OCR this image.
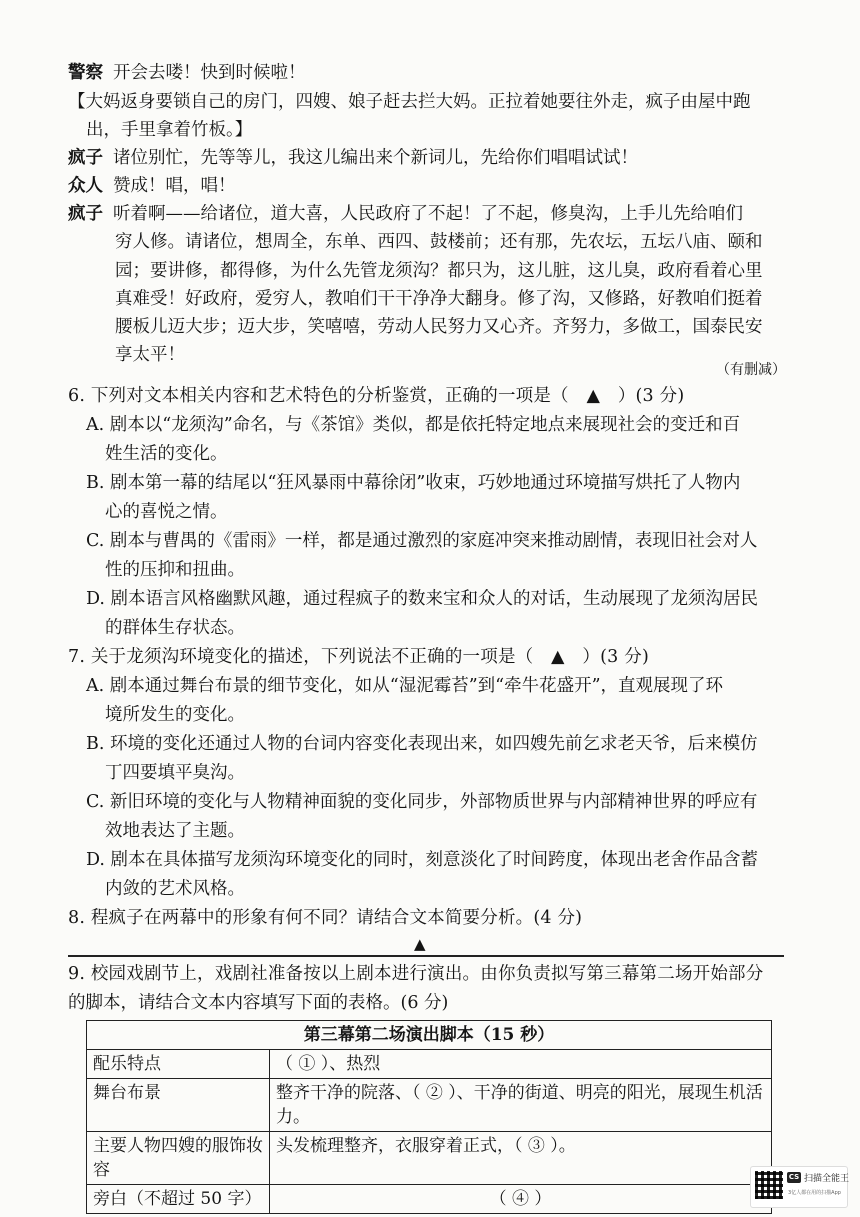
警察 开会去喽！快到时候啦！
【大妈返身要锁自己的房门，四嫂、娘子赶去拦大妈。正拉着她要往外走，疯子由屋中跑
出，手里拿着竹板。】
疯子 诸位别忙，先等等儿，我这儿编出来个新词儿，先给你们唱唱试试！
众人 赞成！唱，唱！
疯子 听着啊——给诸位，道大喜，人民政府了不起！了不起，修臭沟，上手儿先给咱们
穷人修。请诸位，想周全，东单、西四、鼓楼前；还有那，先农坛，五坛八庙、颐和
园；要讲修，都得修，为什么先管龙须沟？都只为，这儿脏，这儿臭，政府看着心里
真难受！好政府，爱穷人，教咱们干干净净大翻身。修了沟，又修路，好教咱们挺着
腰板儿迈大步；迈大步，笑嘻嘻，劳动人民努力又心齐。齐努力，多做工，国泰民安
享太平！
（有删减）
6. 下列对文本相关内容和艺术特色的分析鉴赏，正确的一项是（　▲　）(3 分)
A. 剧本以“龙须沟”命名，与《茶馆》类似，都是依托特定地点来展现社会的变迁和百
姓生活的变化。
B. 剧本第一幕的结尾以“狂风暴雨中幕徐闭”收束，巧妙地通过环境描写烘托了人物内
心的喜悦之情。
C. 剧本与曹禺的《雷雨》一样，都是通过激烈的家庭冲突来推动剧情，表现旧社会对人
性的压抑和扭曲。
D. 剧本语言风格幽默风趣，通过程疯子的数来宝和众人的对话，生动展现了龙须沟居民
的群体生存状态。
7. 关于龙须沟环境变化的描述，下列说法不正确的一项是（　▲　）(3 分)
A. 剧本通过舞台布景的细节变化，如从“湿泥霉苔”到“牵牛花盛开”，直观展现了环
境所发生的变化。
B. 环境的变化还通过人物的台词内容变化表现出来，如四嫂先前乞求老天爷，后来模仿
丁四要填平臭沟。
C. 新旧环境的变化与人物精神面貌的变化同步，外部物质世界与内部精神世界的呼应有
效地表达了主题。
D. 剧本在具体描写龙须沟环境变化的同时，刻意淡化了时间跨度，体现出老舍作品含蓄
内敛的艺术风格。
8. 程疯子在两幕中的形象有何不同？请结合文本简要分析。(4 分)
▲
9. 校园戏剧节上，戏剧社准备按以上剧本进行演出。由你负责拟写第三幕第二场开始部分
的脚本，请结合文本内容填写下面的表格。(6 分)
第三幕第二场演出脚本（15 秒）	
配乐特点	（ ① ）、热烈
舞台布景	整齐干净的院落、（ ② ）、干净的街道、明亮的阳光，展现生机活力。
主要人物四嫂的服饰妆容	头发梳理整齐，衣服穿着正式，（ ③ ）。
旁白（不超过 50 字）	（ ④ ）
CS 扫描全能王
3亿人都在用的扫描App
